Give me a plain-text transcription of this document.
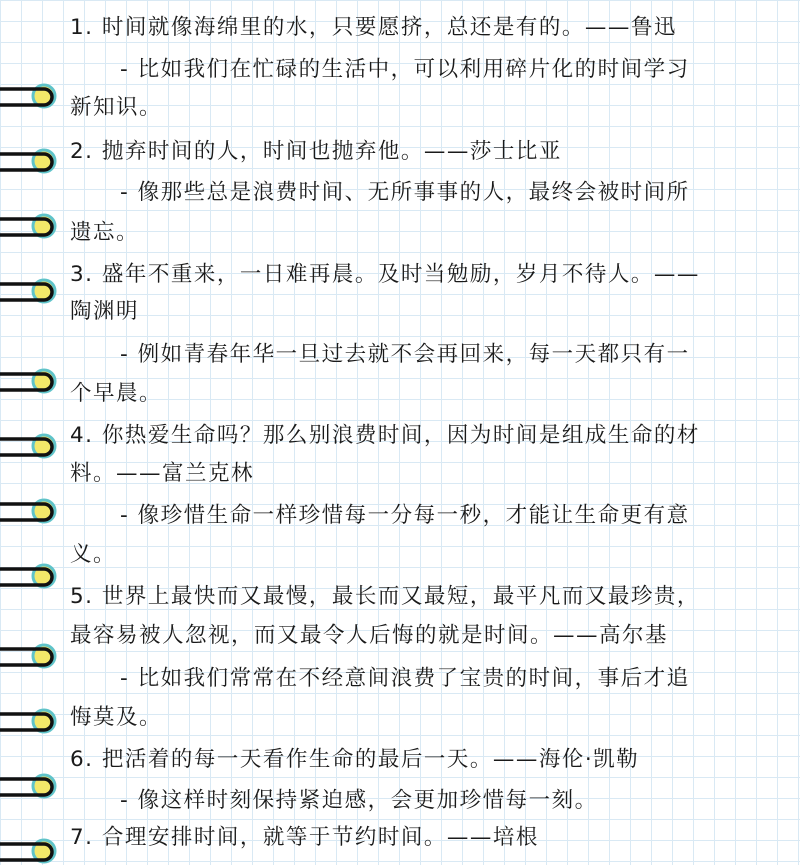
1. 时间就像海绵里的水，只要愿挤，总还是有的。——鲁迅
- 比如我们在忙碌的生活中，可以利用碎片化的时间学习
新知识。
2. 抛弃时间的人，时间也抛弃他。——莎士比亚
- 像那些总是浪费时间、无所事事的人，最终会被时间所
遗忘。
3. 盛年不重来，一日难再晨。及时当勉励，岁月不待人。——
陶渊明
- 例如青春年华一旦过去就不会再回来，每一天都只有一
个早晨。
4. 你热爱生命吗？那么别浪费时间，因为时间是组成生命的材
料。——富兰克林
- 像珍惜生命一样珍惜每一分每一秒，才能让生命更有意
义。
5. 世界上最快而又最慢，最长而又最短，最平凡而又最珍贵，
最容易被人忽视，而又最令人后悔的就是时间。——高尔基
- 比如我们常常在不经意间浪费了宝贵的时间，事后才追
悔莫及。
6. 把活着的每一天看作生命的最后一天。——海伦·凯勒
- 像这样时刻保持紧迫感，会更加珍惜每一刻。
7. 合理安排时间，就等于节约时间。——培根
